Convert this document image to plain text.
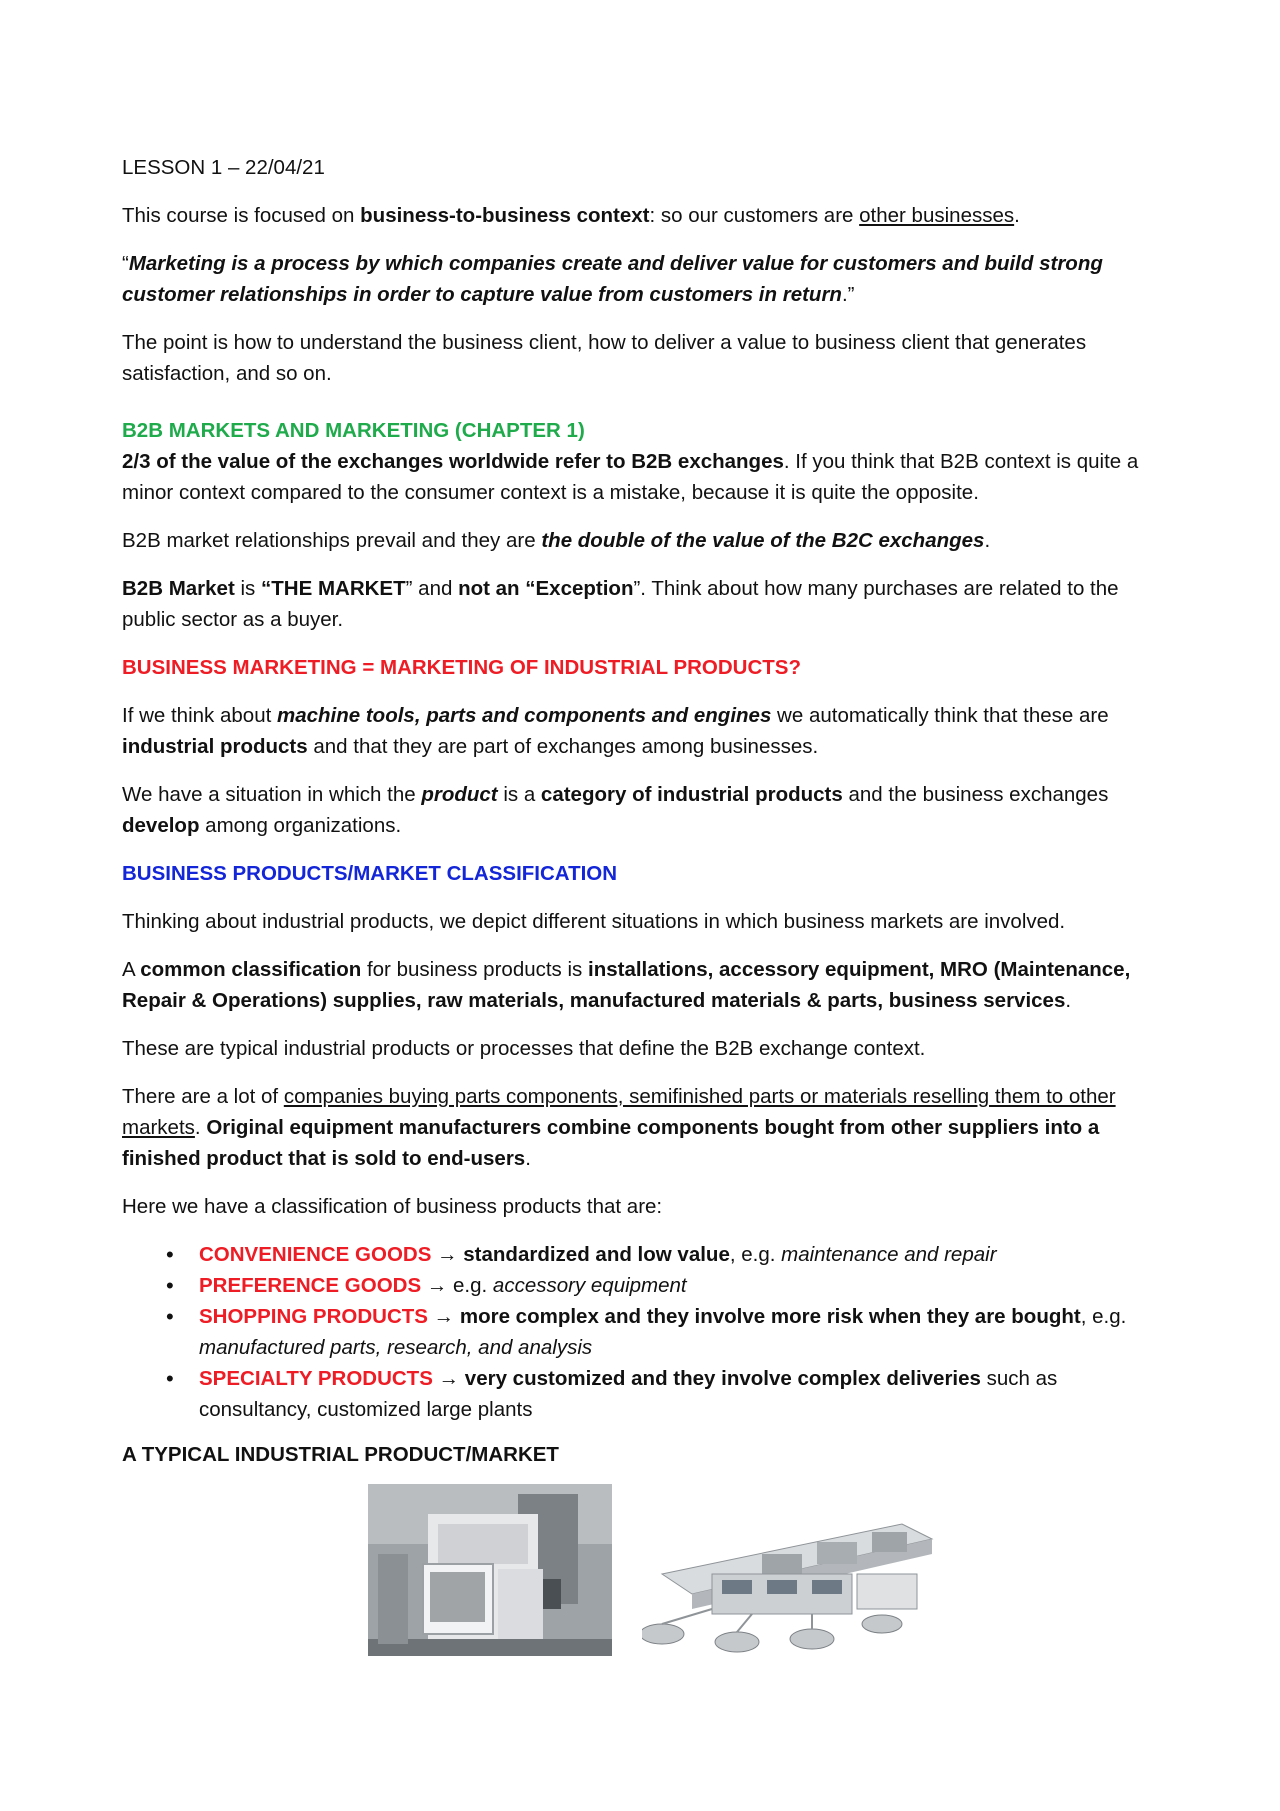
LESSON 1 – 22/04/21

This course is focused on business-to-business context: so our customers are other businesses.

“Marketing is a process by which companies create and deliver value for customers and build strong customer relationships in order to capture value from customers in return.”

The point is how to understand the business client, how to deliver a value to business client that generates satisfaction, and so on.

B2B MARKETS AND MARKETING (CHAPTER 1)

2/3 of the value of the exchanges worldwide refer to B2B exchanges. If you think that B2B context is quite a minor context compared to the consumer context is a mistake, because it is quite the opposite.

B2B market relationships prevail and they are the double of the value of the B2C exchanges.

B2B Market is “THE MARKET” and not an “Exception”. Think about how many purchases are related to the public sector as a buyer.

BUSINESS MARKETING = MARKETING OF INDUSTRIAL PRODUCTS?

If we think about machine tools, parts and components and engines we automatically think that these are industrial products and that they are part of exchanges among businesses.

We have a situation in which the product is a category of industrial products and the business exchanges develop among organizations.

BUSINESS PRODUCTS/MARKET CLASSIFICATION

Thinking about industrial products, we depict different situations in which business markets are involved.

A common classification for business products is installations, accessory equipment, MRO (Maintenance, Repair & Operations) supplies, raw materials, manufactured materials & parts, business services.

These are typical industrial products or processes that define the B2B exchange context.

There are a lot of companies buying parts components, semifinished parts or materials reselling them to other markets. Original equipment manufacturers combine components bought from other suppliers into a finished product that is sold to end-users.

Here we have a classification of business products that are:

• CONVENIENCE GOODS → standardized and low value, e.g. maintenance and repair
• PREFERENCE GOODS → e.g. accessory equipment
• SHOPPING PRODUCTS → more complex and they involve more risk when they are bought, e.g. manufactured parts, research, and analysis
• SPECIALTY PRODUCTS → very customized and they involve complex deliveries such as consultancy, customized large plants

A TYPICAL INDUSTRIAL PRODUCT/MARKET
